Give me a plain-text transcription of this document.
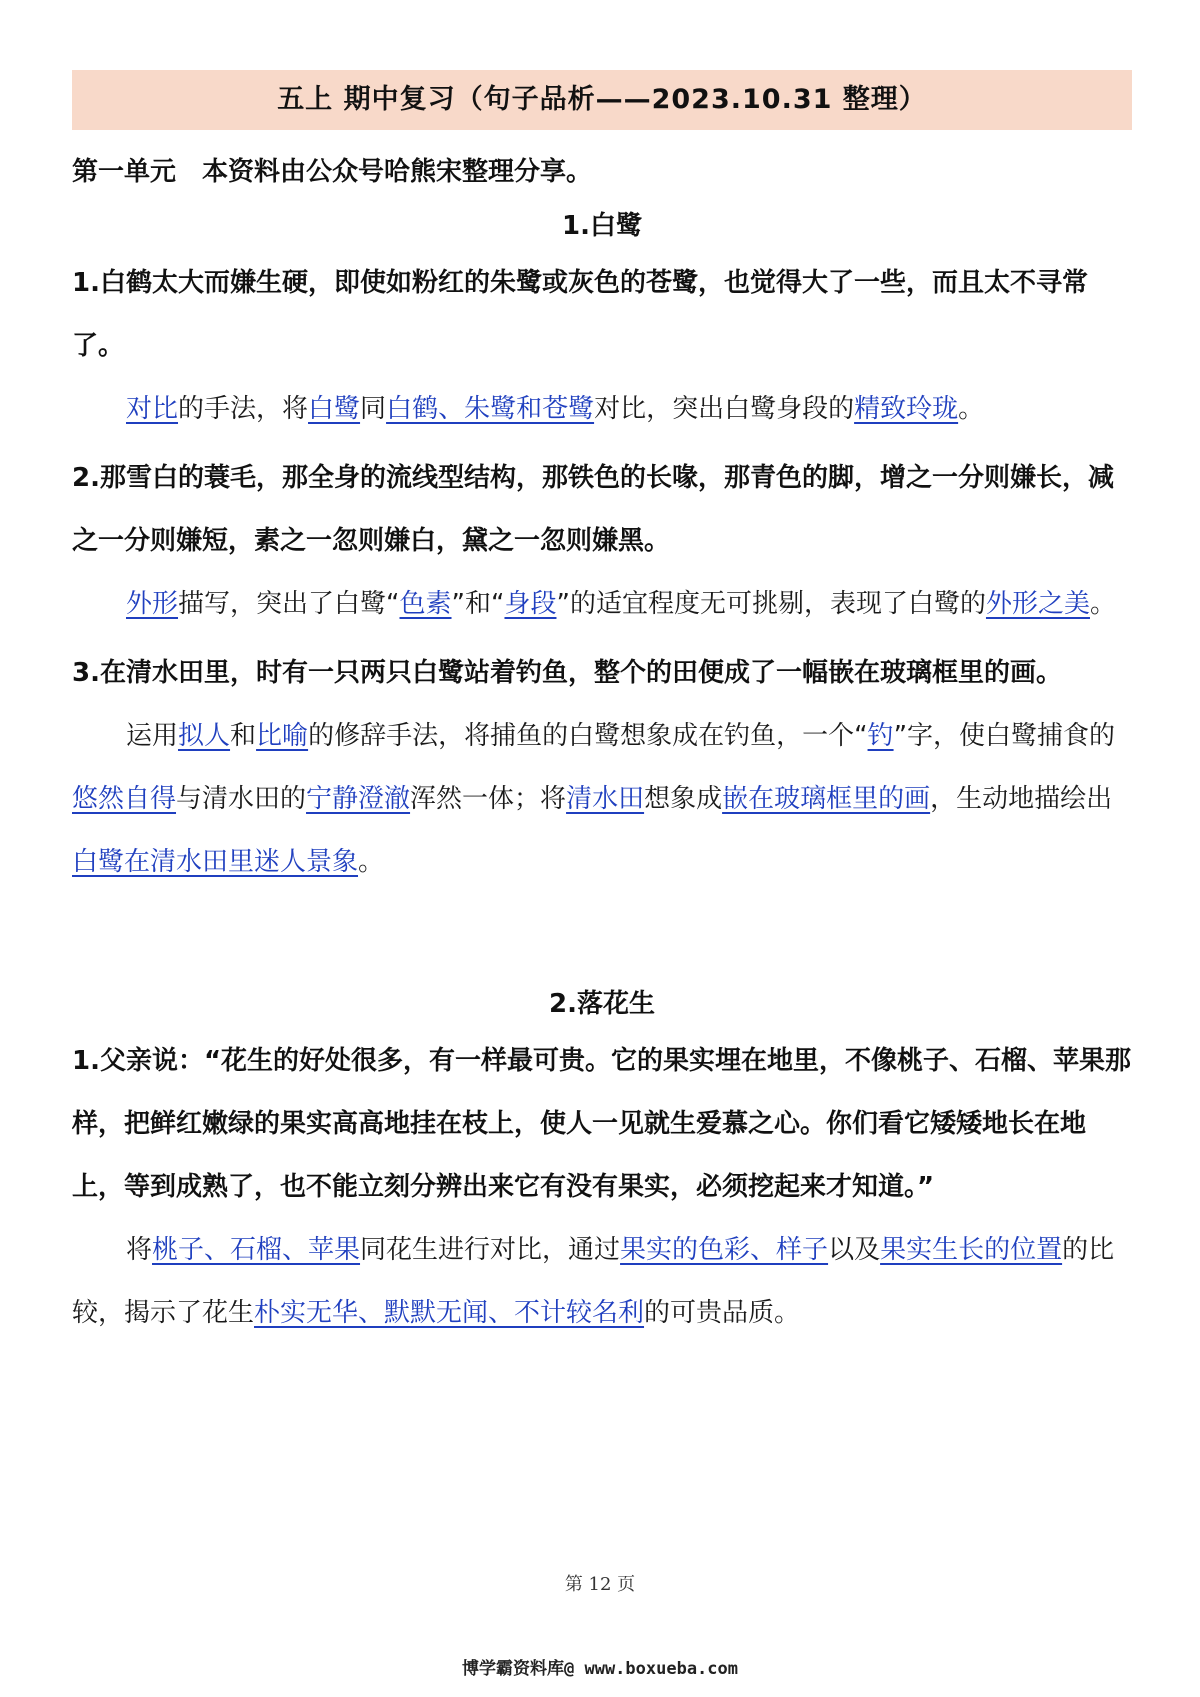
五上 期中复习（句子品析——2023.10.31 整理）
第一单元　本资料由公众号哈熊宋整理分享。
1.白鹭
1.白鹤太大而嫌生硬，即使如粉红的朱鹭或灰色的苍鹭，也觉得大了一些，而且太不寻常了。
对比的手法，将白鹭同白鹤、朱鹭和苍鹭对比，突出白鹭身段的精致玲珑。
2.那雪白的蓑毛，那全身的流线型结构，那铁色的长喙，那青色的脚，增之一分则嫌长，减之一分则嫌短，素之一忽则嫌白，黛之一忽则嫌黑。
外形描写，突出了白鹭“色素”和“身段”的适宜程度无可挑剔，表现了白鹭的外形之美。
3.在清水田里，时有一只两只白鹭站着钓鱼，整个的田便成了一幅嵌在玻璃框里的画。
运用拟人和比喻的修辞手法，将捕鱼的白鹭想象成在钓鱼，一个“钓”字，使白鹭捕食的悠然自得与清水田的宁静澄澈浑然一体；将清水田想象成嵌在玻璃框里的画，生动地描绘出白鹭在清水田里迷人景象。
2.落花生
1.父亲说：“花生的好处很多，有一样最可贵。它的果实埋在地里，不像桃子、石榴、苹果那样，把鲜红嫩绿的果实高高地挂在枝上，使人一见就生爱慕之心。你们看它矮矮地长在地上，等到成熟了，也不能立刻分辨出来它有没有果实，必须挖起来才知道。”
将桃子、石榴、苹果同花生进行对比，通过果实的色彩、样子以及果实生长的位置的比较，揭示了花生朴实无华、默默无闻、不计较名利的可贵品质。
第 12 页
博学霸资料库@ www.boxueba.com
